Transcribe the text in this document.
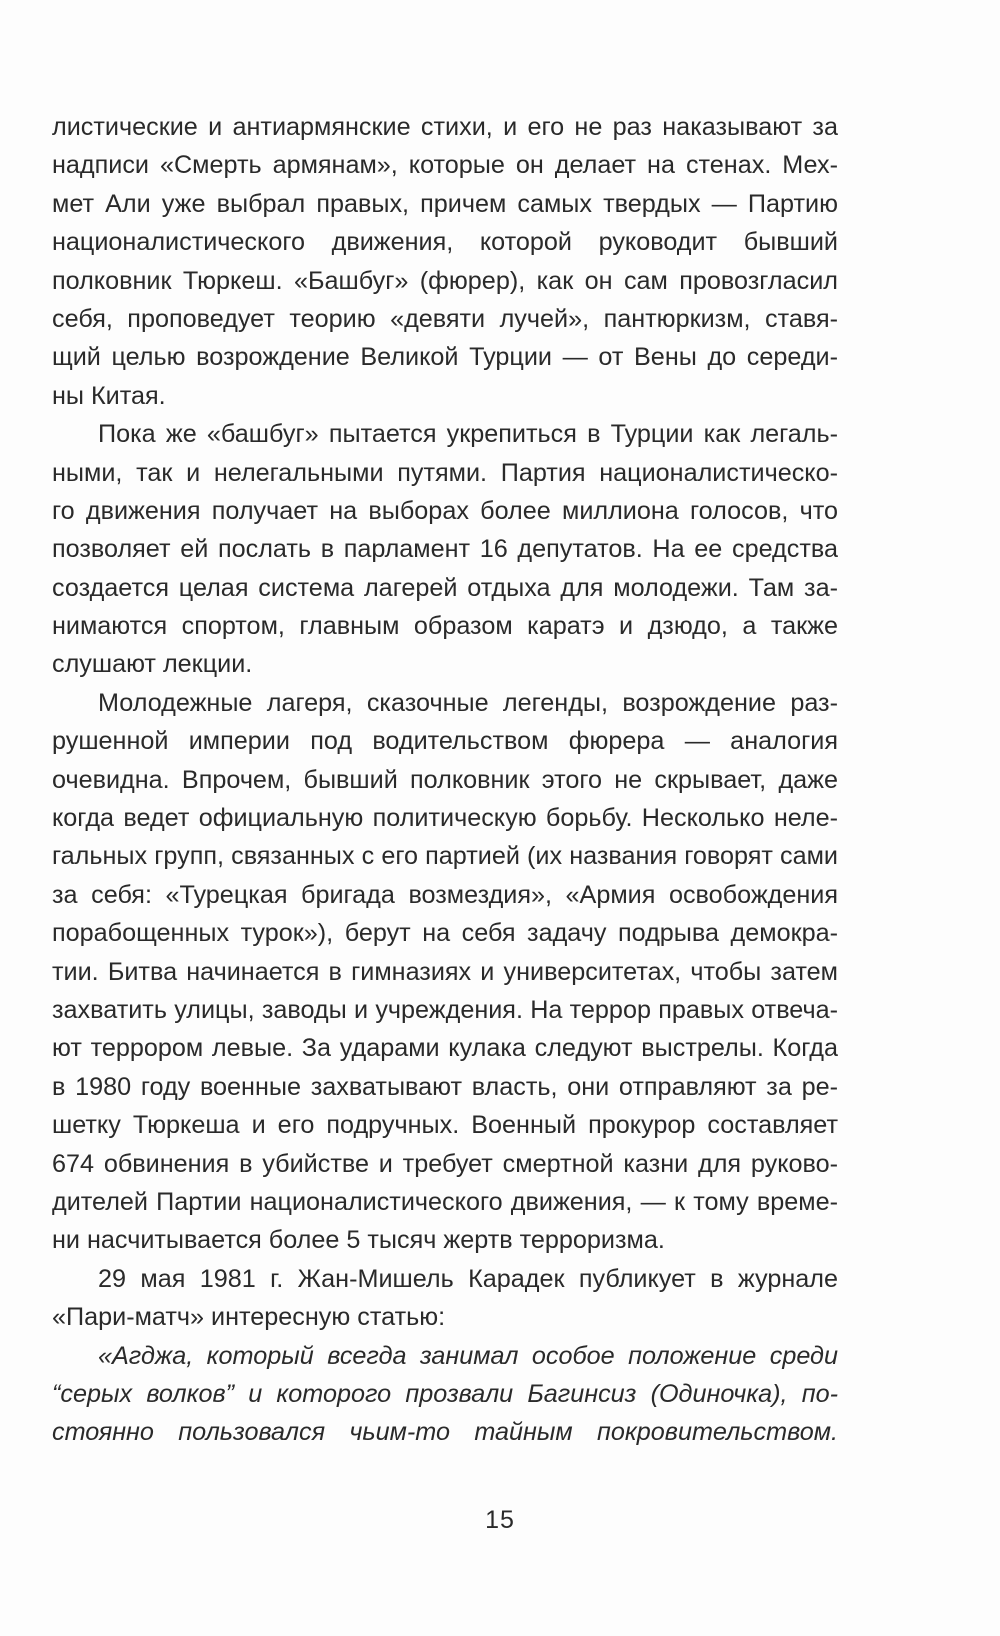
листические и антиармянские стихи, и его не раз наказывают за
надписи «Смерть армянам», которые он делает на стенах. Мех-
мет Али уже выбрал правых, причем самых твердых — Партию
националистического движения, которой руководит бывший
полковник Тюркеш. «Башбуг» (фюрер), как он сам провозгласил
себя, проповедует теорию «девяти лучей», пантюркизм, ставя-
щий целью возрождение Великой Турции — от Вены до середи-
ны Китая.
Пока же «башбуг» пытается укрепиться в Турции как легаль-
ными, так и нелегальными путями. Партия националистическо-
го движения получает на выборах более миллиона голосов, что
позволяет ей послать в парламент 16 депутатов. На ее средства
создается целая система лагерей отдыха для молодежи. Там за-
нимаются спортом, главным образом каратэ и дзюдо, а также
слушают лекции.
Молодежные лагеря, сказочные легенды, возрождение раз-
рушенной империи под водительством фюрера — аналогия
очевидна. Впрочем, бывший полковник этого не скрывает, даже
когда ведет официальную политическую борьбу. Несколько неле-
гальных групп, связанных с его партией (их названия говорят сами
за себя: «Турецкая бригада возмездия», «Армия освобождения
порабощенных турок»), берут на себя задачу подрыва демокра-
тии. Битва начинается в гимназиях и университетах, чтобы затем
захватить улицы, заводы и учреждения. На террор правых отвеча-
ют террором левые. За ударами кулака следуют выстрелы. Когда
в 1980 году военные захватывают власть, они отправляют за ре-
шетку Тюркеша и его подручных. Военный прокурор составляет
674 обвинения в убийстве и требует смертной казни для руково-
дителей Партии националистического движения, — к тому време-
ни насчитывается более 5 тысяч жертв терроризма.
29 мая 1981 г. Жан-Мишель Карадек публикует в журнале
«Пари-матч» интересную статью:
«Агджа, который всегда занимал особое положение среди
“серых волков” и которого прозвали Багинсиз (Одиночка), по-
стоянно пользовался чьим-то тайным покровительством.
15
